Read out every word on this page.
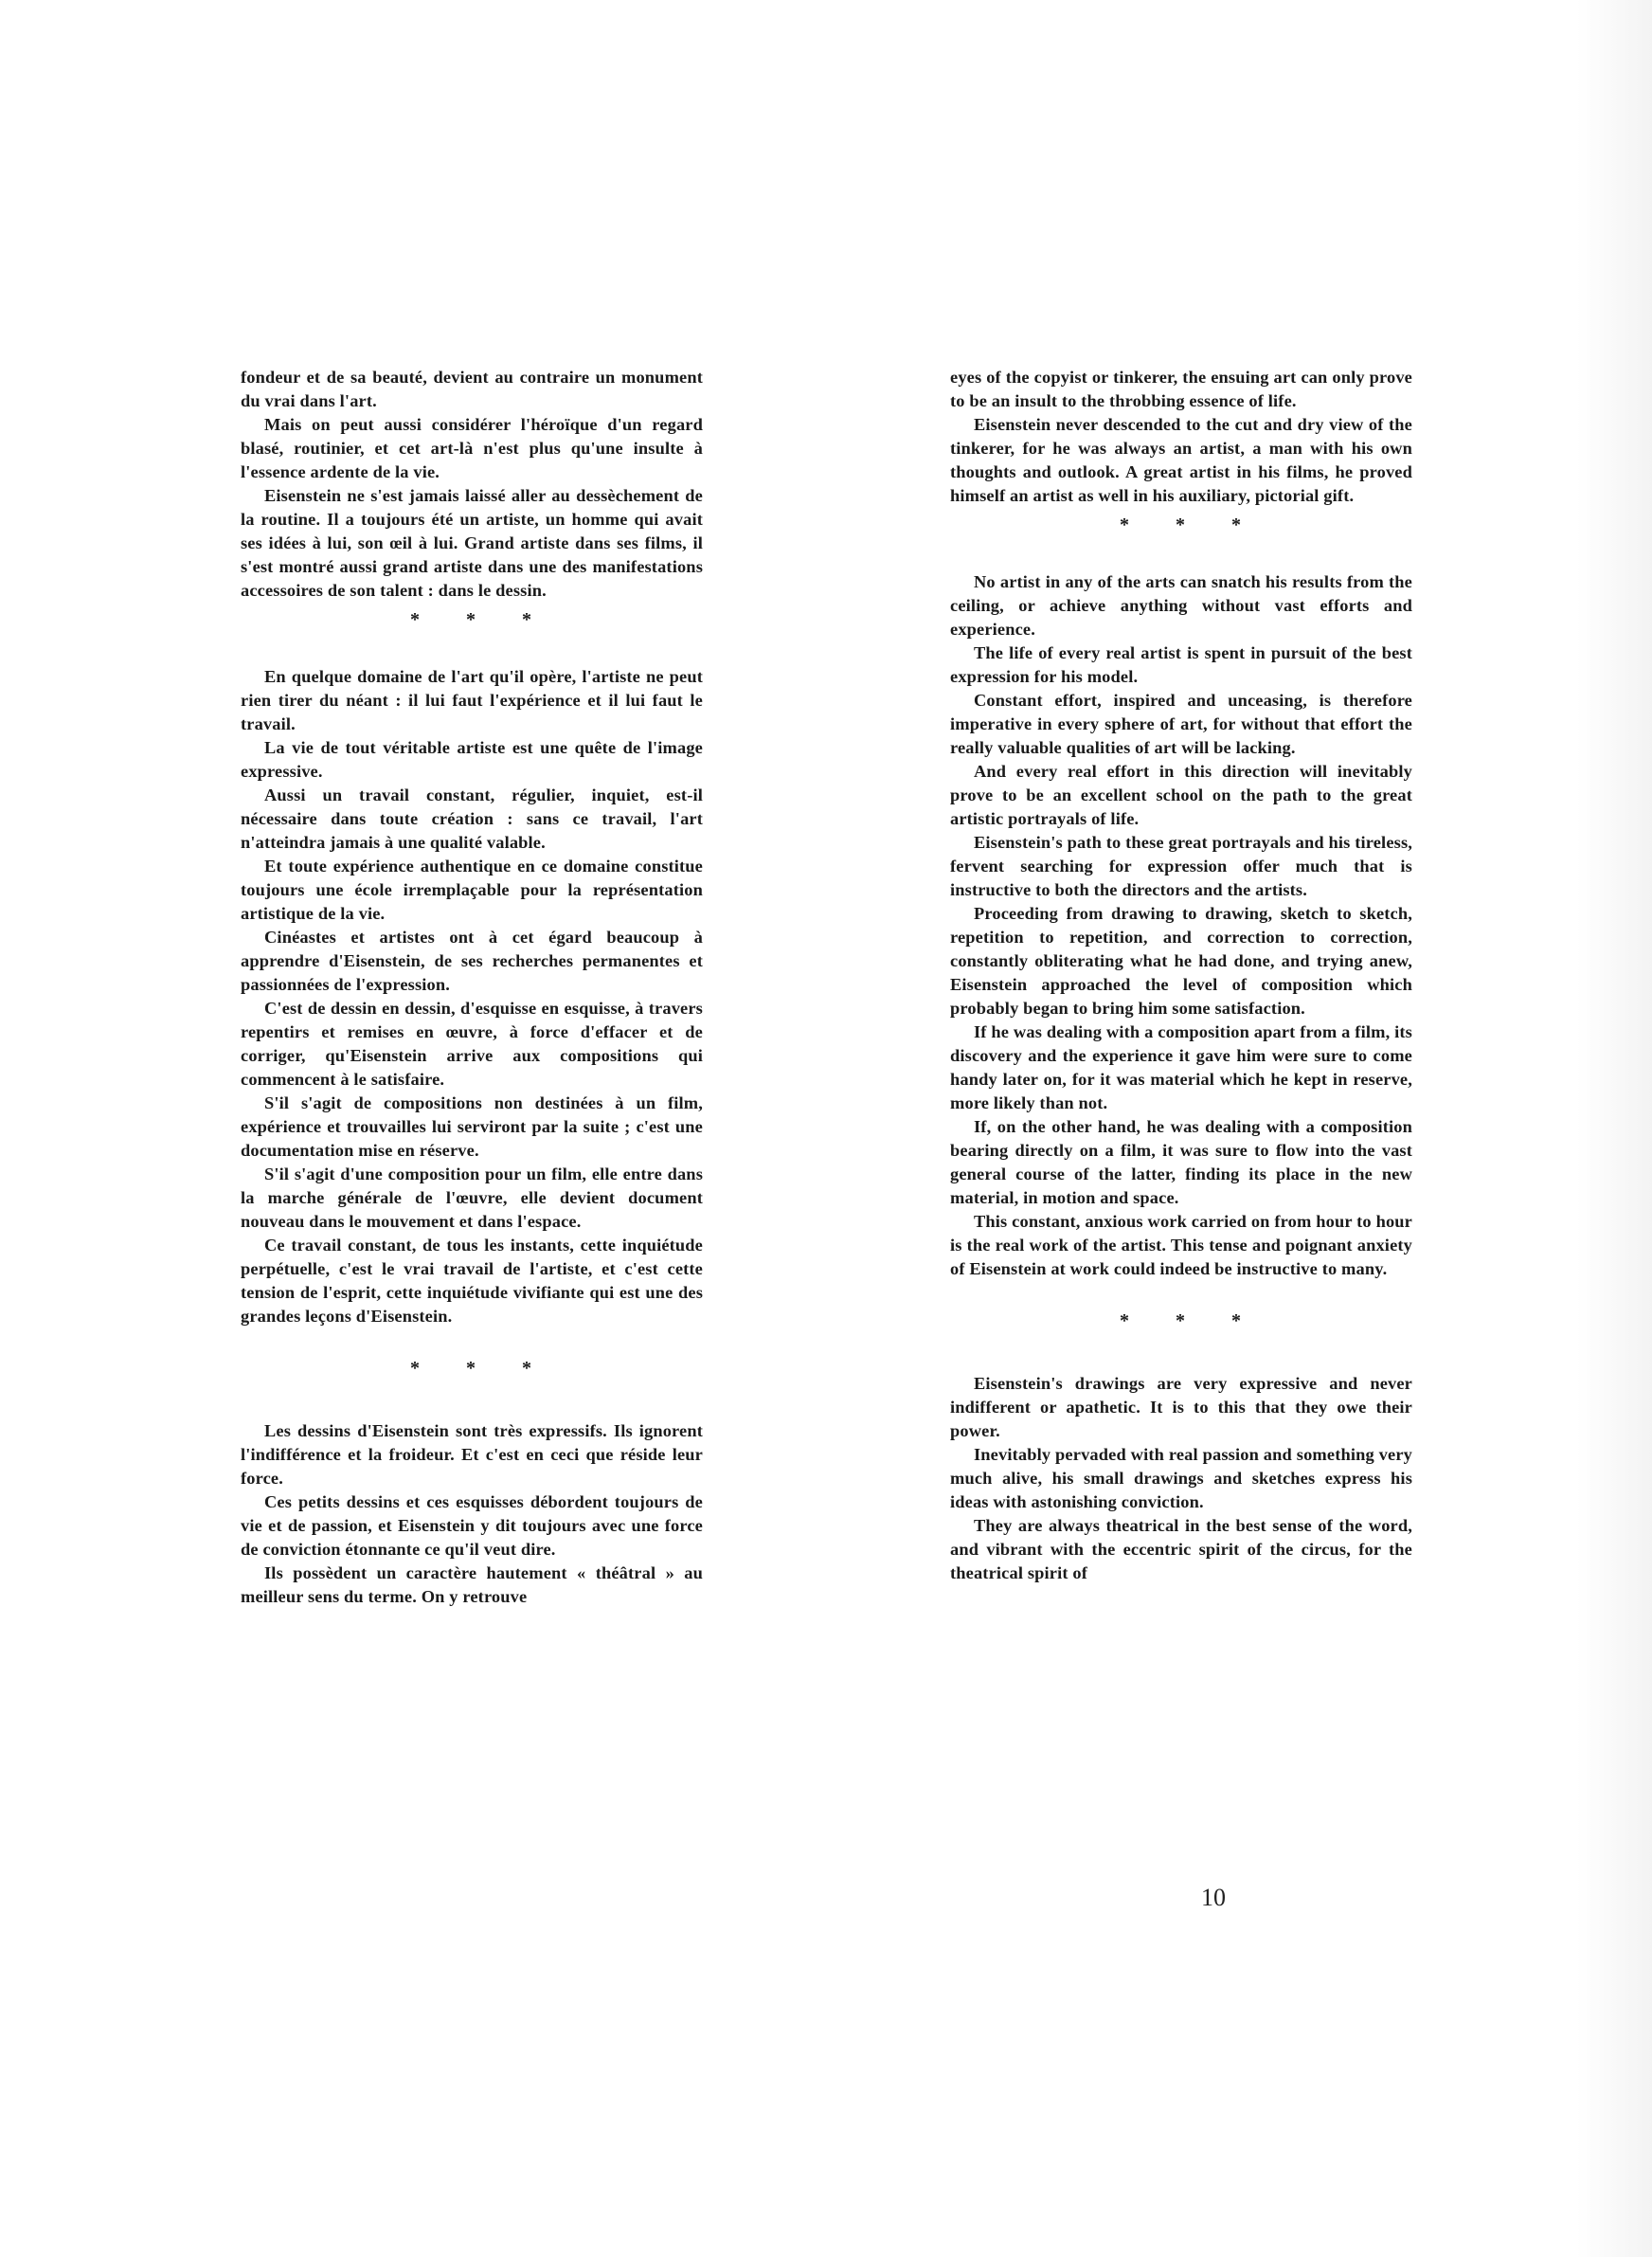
fondeur et de sa beauté, devient au contraire un monument du vrai dans l'art.

Mais on peut aussi considérer l'héroïque d'un regard blasé, routinier, et cet art-là n'est plus qu'une insulte à l'essence ardente de la vie.

Eisenstein ne s'est jamais laissé aller au dessèchement de la routine. Il a toujours été un artiste, un homme qui avait ses idées à lui, son œil à lui. Grand artiste dans ses films, il s'est montré aussi grand artiste dans une des manifestations accessoires de son talent : dans le dessin.

* * *

En quelque domaine de l'art qu'il opère, l'artiste ne peut rien tirer du néant : il lui faut l'expérience et il lui faut le travail.

La vie de tout véritable artiste est une quête de l'image expressive.

Aussi un travail constant, régulier, inquiet, est-il nécessaire dans toute création : sans ce travail, l'art n'atteindra jamais à une qualité valable.

Et toute expérience authentique en ce domaine constitue toujours une école irremplaçable pour la représentation artistique de la vie.

Cinéastes et artistes ont à cet égard beaucoup à apprendre d'Eisenstein, de ses recherches permanentes et passionnées de l'expression.

C'est de dessin en dessin, d'esquisse en esquisse, à travers repentirs et remises en œuvre, à force d'effacer et de corriger, qu'Eisenstein arrive aux compositions qui commencent à le satisfaire.

S'il s'agit de compositions non destinées à un film, expérience et trouvailles lui serviront par la suite ; c'est une documentation mise en réserve.

S'il s'agit d'une composition pour un film, elle entre dans la marche générale de l'œuvre, elle devient document nouveau dans le mouvement et dans l'espace.

Ce travail constant, de tous les instants, cette inquiétude perpétuelle, c'est le vrai travail de l'artiste, et c'est cette tension de l'esprit, cette inquiétude vivifiante qui est une des grandes leçons d'Eisenstein.

* * *

Les dessins d'Eisenstein sont très expressifs. Ils ignorent l'indifférence et la froideur. Et c'est en ceci que réside leur force.

Ces petits dessins et ces esquisses débordent toujours de vie et de passion, et Eisenstein y dit toujours avec une force de conviction étonnante ce qu'il veut dire.

Ils possèdent un caractère hautement « théâtral » au meilleur sens du terme. On y retrouve

eyes of the copyist or tinkerer, the ensuing art can only prove to be an insult to the throbbing essence of life.

Eisenstein never descended to the cut and dry view of the tinkerer, for he was always an artist, a man with his own thoughts and outlook. A great artist in his films, he proved himself an artist as well in his auxiliary, pictorial gift.

* * *

No artist in any of the arts can snatch his results from the ceiling, or achieve anything without vast efforts and experience.

The life of every real artist is spent in pursuit of the best expression for his model.

Constant effort, inspired and unceasing, is therefore imperative in every sphere of art, for without that effort the really valuable qualities of art will be lacking.

And every real effort in this direction will inevitably prove to be an excellent school on the path to the great artistic portrayals of life.

Eisenstein's path to these great portrayals and his tireless, fervent searching for expression offer much that is instructive to both the directors and the artists.

Proceeding from drawing to drawing, sketch to sketch, repetition to repetition, and correction to correction, constantly obliterating what he had done, and trying anew, Eisenstein approached the level of composition which probably began to bring him some satisfaction.

If he was dealing with a composition apart from a film, its discovery and the experience it gave him were sure to come handy later on, for it was material which he kept in reserve, more likely than not.

If, on the other hand, he was dealing with a composition bearing directly on a film, it was sure to flow into the vast general course of the latter, finding its place in the new material, in motion and space.

This constant, anxious work carried on from hour to hour is the real work of the artist. This tense and poignant anxiety of Eisenstein at work could indeed be instructive to many.

* * *

Eisenstein's drawings are very expressive and never indifferent or apathetic. It is to this that they owe their power.

Inevitably pervaded with real passion and something very much alive, his small drawings and sketches express his ideas with astonishing conviction.

They are always theatrical in the best sense of the word, and vibrant with the eccentric spirit of the circus, for the theatrical spirit of

10
